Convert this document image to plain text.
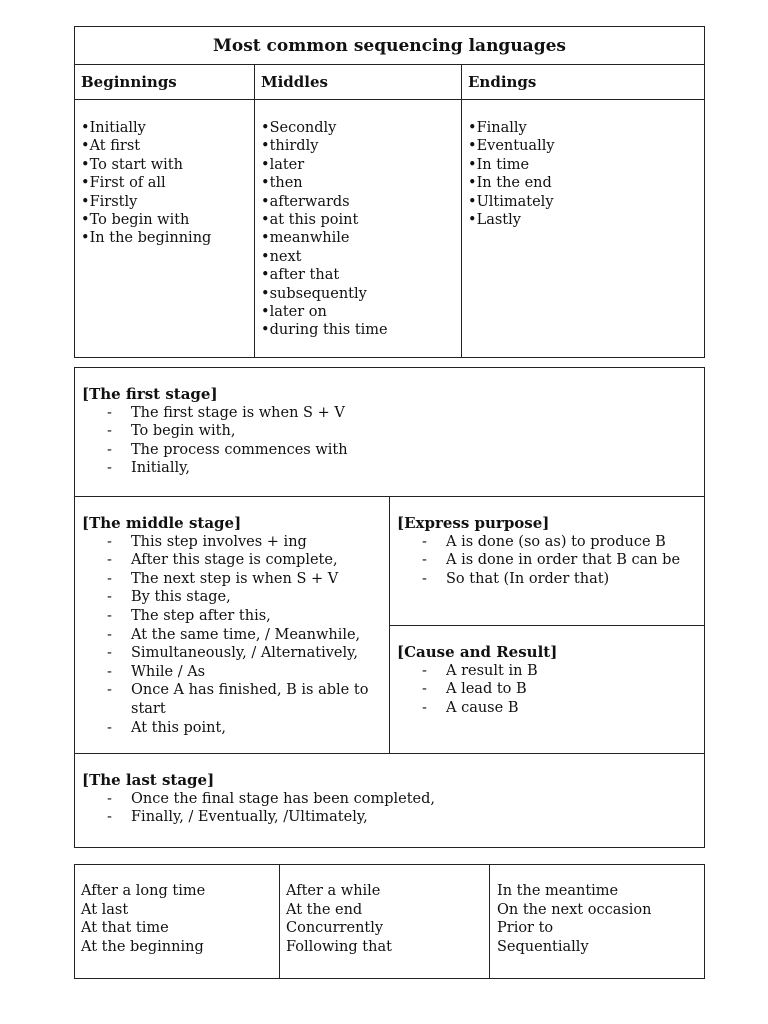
Most common sequencing languages
Beginnings
• Initially
• At first
• To start with
• First of all
• Firstly
• To begin with
• In the beginning
Middles
• Secondly
• thirdly
• later
• then
• afterwards
• at this point
• meanwhile
• next
• after that
• subsequently
• later on
• during this time
Endings
• Finally
• Eventually
• In time
• In the end
• Ultimately
• Lastly
[The first stage]
- The first stage is when S + V
- To begin with,
- The process commences with
- Initially,
[The middle stage]
- This step involves + ing
- After this stage is complete,
- The next step is when S + V
- By this stage,
- The step after this,
- At the same time, / Meanwhile,
- Simultaneously, / Alternatively,
- While / As
- Once A has finished, B is able to start
- At this point,
[Express purpose]
- A is done (so as) to produce B
- A is done in order that B can be
- So that (In order that)
[Cause and Result]
- A result in B
- A lead to B
- A cause B
[The last stage]
- Once the final stage has been completed,
- Finally, / Eventually, /Ultimately,
After a long time
At last
At that time
At the beginning
After a while
At the end
Concurrently
Following that
In the meantime
On the next occasion
Prior to
Sequentially
